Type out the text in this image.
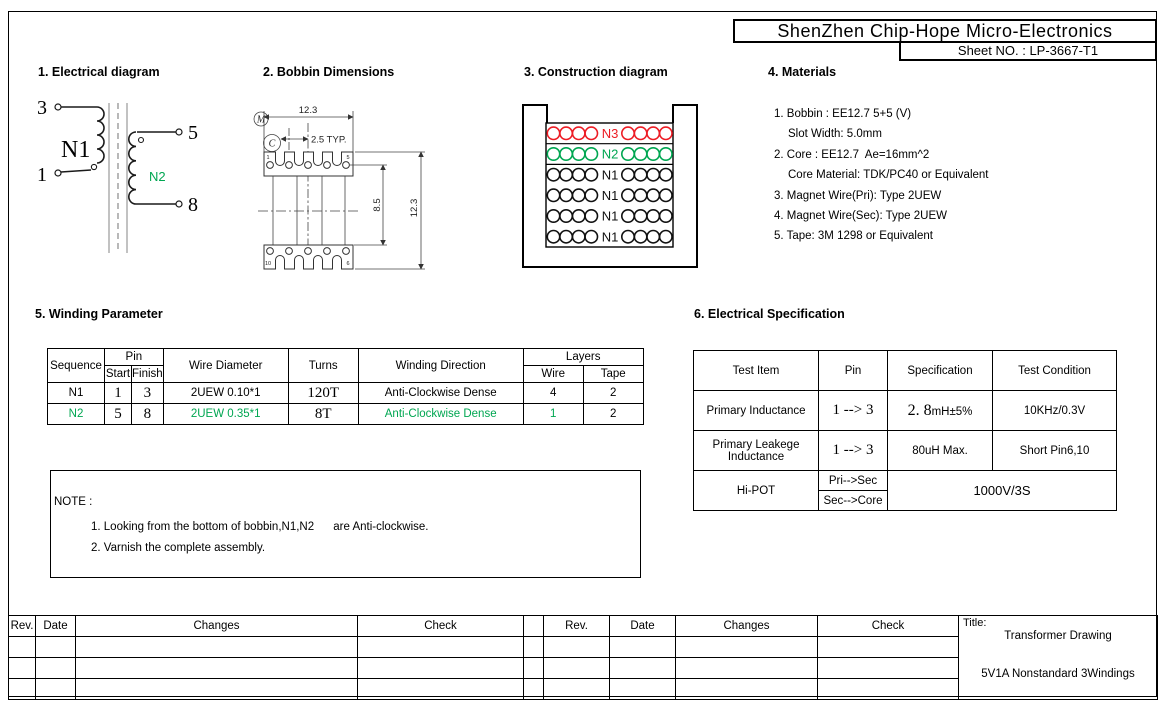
ShenZhen Chip-Hope Micro-Electronics
Sheet NO. : LP-3667-T1
1. Electrical diagram	2. Bobbin Dimensions	3. Construction diagram	4. Materials
5. Winding Parameter	6. Electrical Specification
3
1
N1
5
8
N2
M
C
12.3
2.5 TYP.
1	5
10	6
8.5	12.3
N3
N2
N1
N1
N1
N1
1. Bobbin : EE12.7 5+5 (V)
Slot Width: 5.0mm
2. Core : EE12.7  Ae=16mm^2
Core Material: TDK/PC40 or Equivalent
3. Magnet Wire(Pri): Type 2UEW
4. Magnet Wire(Sec): Type 2UEW
5. Tape: 3M 1298 or Equivalent
Sequence	Pin		Wire Diameter	Turns	Winding Direction	Layers	
	Start	Finish				Wire	Tape
N1	1	3	2UEW 0.10*1	120T	Anti-Clockwise Dense	4	2
N2	5	8	2UEW 0.35*1	8T	Anti-Clockwise Dense	1	2
NOTE :
1. Looking from the bottom of bobbin,N1,N2      are Anti-clockwise.
2. Varnish the complete assembly.
Test Item	Pin	Specification	Test Condition
Primary Inductance	1 --> 3	2. 8mH±5%	10KHz/0.3V

Primary Leakege
Inductance	1 --> 3	80uH Max.	Short Pin6,10
Hi-POT	Pri-->Sec	1000V/3S	
	Sec-->Core		
Rev.	Date	Changes	Check		Rev.	Date	Changes	Check	Title:
Transformer Drawing
5V1A Nonstandard 3Windings
